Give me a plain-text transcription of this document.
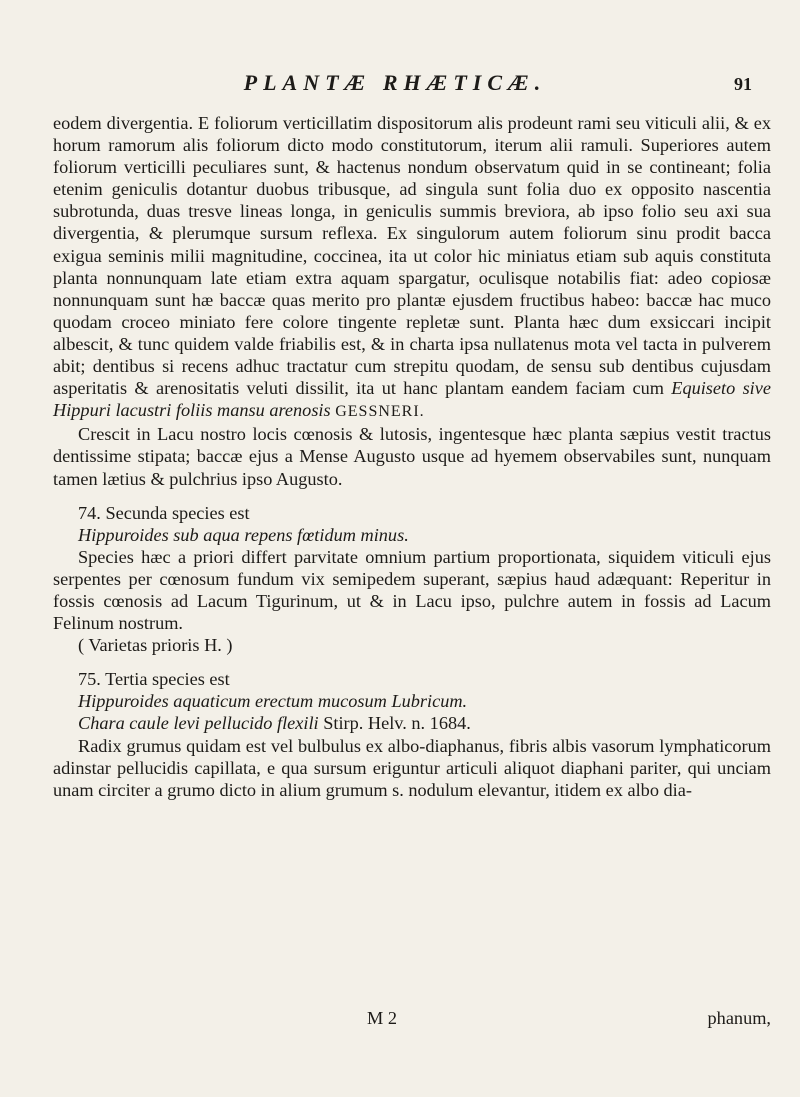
PLANTÆ RHÆTICÆ.	91

eodem divergentia. E foliorum verticillatim dispositorum alis prodeunt rami seu viticuli alii, & ex horum ramorum alis foliorum dicto modo constitutorum, iterum alii ramuli. Superiores autem foliorum verticilli peculiares sunt, & hactenus nondum observatum quid in se contineant; folia etenim geniculis dotantur duobus tribusque, ad singula sunt folia duo ex opposito nascentia subrotunda, duas tresve lineas longa, in geniculis summis breviora, ab ipso folio seu axi sua divergentia, & plerumque sursum reflexa. Ex singulorum autem foliorum sinu prodit bacca exigua seminis milii magnitudine, coccinea, ita ut color hic miniatus etiam sub aquis constituta planta nonnunquam late etiam extra aquam spargatur, oculisque notabilis fiat: adeo copiosæ nonnunquam sunt hæ baccæ quas merito pro plantæ ejusdem fructibus habeo: baccæ hac muco quodam croceo miniato fere colore tingente repletæ sunt. Planta hæc dum exsiccari incipit albescit, & tunc quidem valde friabilis est, & in charta ipsa nullatenus mota vel tacta in pulverem abit; dentibus si recens adhuc tractatur cum strepitu quodam, de sensu sub dentibus cujusdam asperitatis & arenositatis veluti dissilit, ita ut hanc plantam eandem faciam cum Equiseto sive Hippuri lacustri foliis mansu arenosis GESSNERI.

Crescit in Lacu nostro locis cœnosis & lutosis, ingentesque hæc planta sæpius vestit tractus dentissime stipata; baccæ ejus a Mense Augusto usque ad hyemem observabiles sunt, nunquam tamen lætius & pulchrius ipso Augusto.

74. Secunda species est

Hippuroides sub aqua repens fœtidum minus.

Species hæc a priori differt parvitate omnium partium proportionata, siquidem viticuli ejus serpentes per cœnosum fundum vix semipedem superant, sæpius haud adæquant: Reperitur in fossis cœnosis ad Lacum Tigurinum, ut & in Lacu ipso, pulchre autem in fossis ad Lacum Felinum nostrum.

( Varietas prioris H. )

75. Tertia species est

Hippuroides aquaticum erectum mucosum Lubricum.

Chara caule levi pellucido flexili Stirp. Helv. n. 1684.

Radix grumus quidam est vel bulbulus ex albo-diaphanus, fibris albis vasorum lymphaticorum adinstar pellucidis capillata, e qua sursum eriguntur articuli aliquot diaphani pariter, qui unciam unam circiter a grumo dicto in alium grumum s. nodulum elevantur, itidem ex albo dia-

M 2	phanum,
